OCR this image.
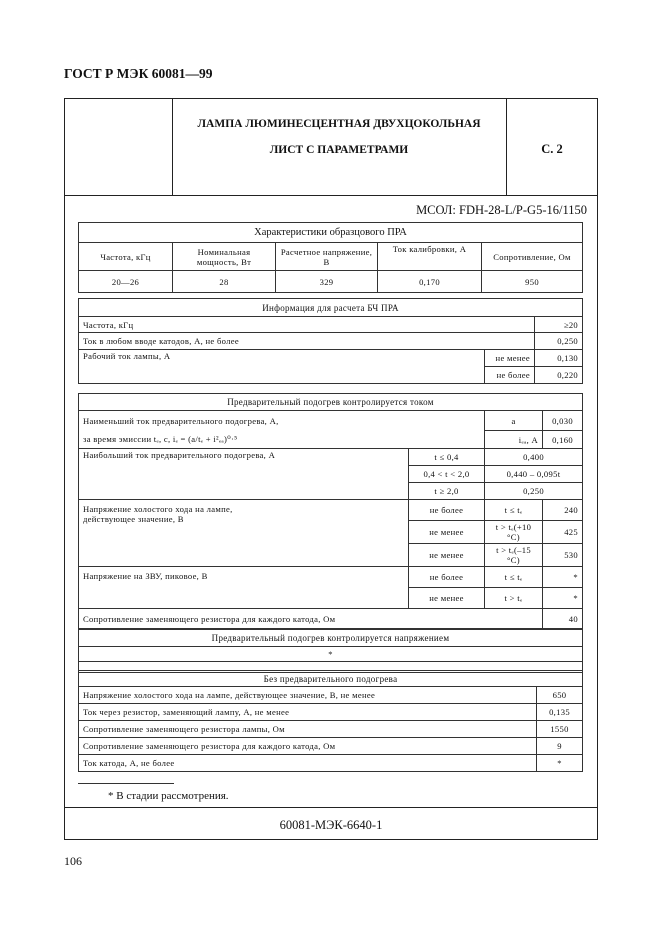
ГОСТ Р МЭК 60081—99
ЛАМПА ЛЮМИНЕСЦЕНТНАЯ ДВУХЦОКОЛЬНАЯ
ЛИСТ С ПАРАМЕТРАМИ	С. 2
МСОЛ: FDH-28-L/P-G5-16/1150
Характеристики образцового ПРА				
Частота, кГц	Номинальная мощность, Вт	Расчетное напряжение, В	Ток калибровки, А	Сопротивление, Ом
20—26	28	329	0,170	950
Информация для расчета БЧ ПРА		
Частота, кГц		≥20
Ток в любом вводе катодов, А, не более		0,250
Рабочий ток лампы, А	не менее	0,130
	не более	0,220
Предварительный подогрев контролируется током			
Наименьший ток предварительного подогрева, А,		a	0,030
за время эмиссии tₑ, с, iₑ = (a/tₑ + i²ₑₐ)⁰·⁵		iₑₐ, А	0,160
Наибольший ток предварительного подогрева, А	t ≤ 0,4	0,400	
	0,4 < t < 2,0	0,440 – 0,095t	
	t ≥ 2,0	0,250	

Напряжение холостого хода на лампе,
действующее значение, В	не более	t ≤ tₑ	240
	не менее	t > tₑ(+10 °С)	425
	не менее	t > tₑ(–15 °С)	530
Напряжение на ЗВУ, пиковое, В	не более	t ≤ tₑ	*
	не менее	t > tₑ	*
Сопротивление заменяющего резистора для каждого катода, Ом			40
Предварительный подогрев контролируется напряжением
*

Без предварительного подогрева	
Напряжение холостого хода на лампе, действующее значение, В, не менее	650
Ток через резистор, заменяющий лампу, А, не менее	0,135
Сопротивление заменяющего резистора лампы, Ом	1550
Сопротивление заменяющего резистора для каждого катода, Ом	9
Ток катода, А, не более	*
* В стадии рассмотрения.
60081-МЭК-6640-1
106
